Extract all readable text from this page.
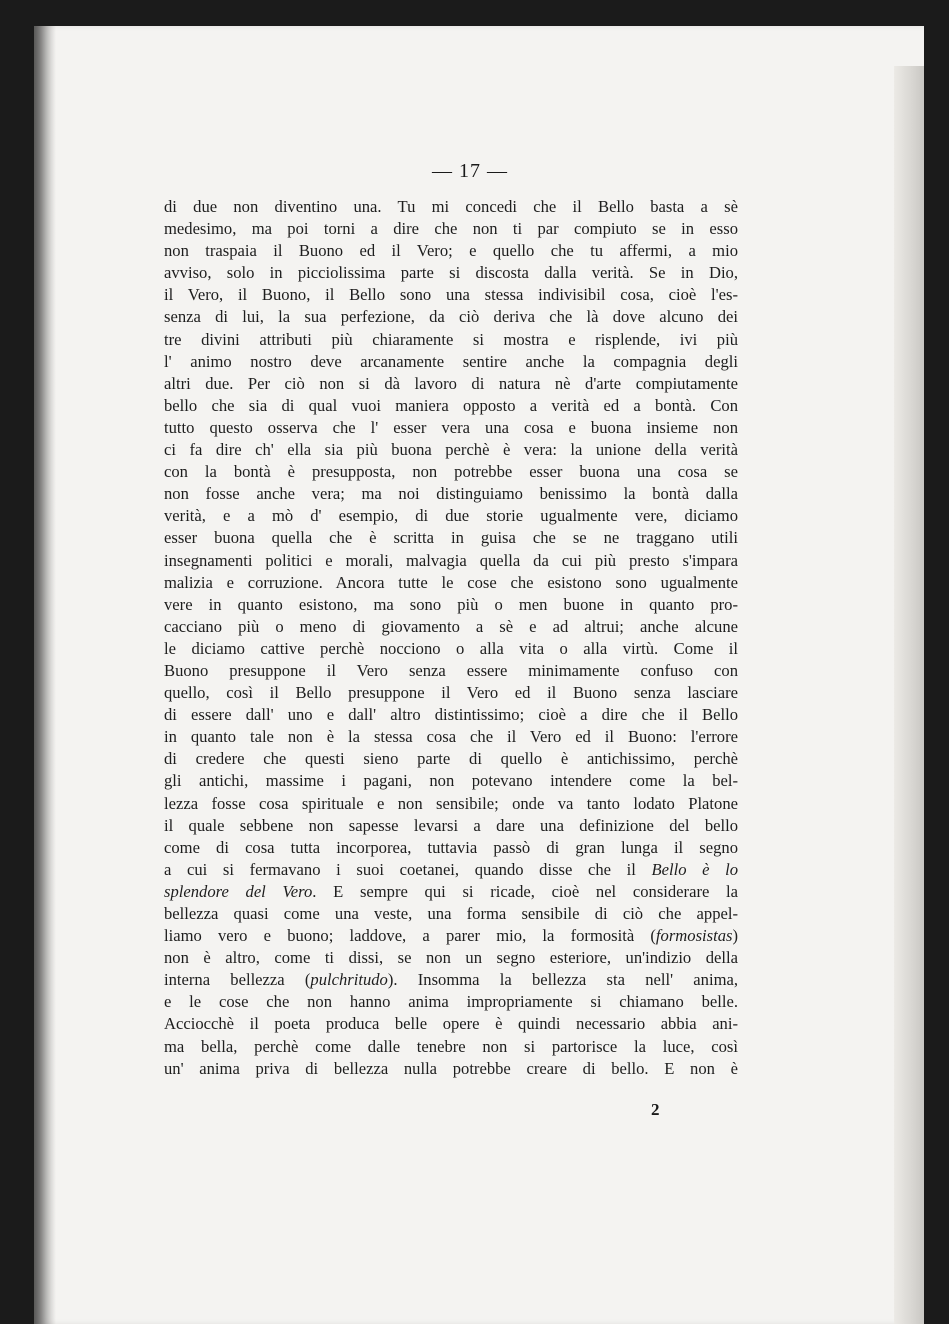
— 17 —
di due non diventino una. Tu mi concedi che il Bello basta a sè
medesimo, ma poi torni a dire che non ti par compiuto se in esso
non traspaia il Buono ed il Vero; e quello che tu affermi, a mio
avviso, solo in picciolissima parte si discosta dalla verità. Se in Dio,
il Vero, il Buono, il Bello sono una stessa indivisibil cosa, cioè l'es-
senza di lui, la sua perfezione, da ciò deriva che là dove alcuno dei
tre divini attributi più chiaramente si mostra e risplende, ivi più
l' animo nostro deve arcanamente sentire anche la compagnia degli
altri due. Per ciò non si dà lavoro di natura nè d'arte compiutamente
bello che sia di qual vuoi maniera opposto a verità ed a bontà. Con
tutto questo osserva che l' esser vera una cosa e buona insieme non
ci fa dire ch' ella sia più buona perchè è vera: la unione della verità
con la bontà è presupposta, non potrebbe esser buona una cosa se
non fosse anche vera; ma noi distinguiamo benissimo la bontà dalla
verità, e a mò d' esempio, di due storie ugualmente vere, diciamo
esser buona quella che è scritta in guisa che se ne traggano utili
insegnamenti politici e morali, malvagia quella da cui più presto s'impara
malizia e corruzione. Ancora tutte le cose che esistono sono ugualmente
vere in quanto esistono, ma sono più o men buone in quanto pro-
cacciano più o meno di giovamento a sè e ad altrui; anche alcune
le diciamo cattive perchè nocciono o alla vita o alla virtù. Come il
Buono presuppone il Vero senza essere minimamente confuso con
quello, così il Bello presuppone il Vero ed il Buono senza lasciare
di essere dall' uno e dall' altro distintissimo; cioè a dire che il Bello
in quanto tale non è la stessa cosa che il Vero ed il Buono: l'errore
di credere che questi sieno parte di quello è antichissimo, perchè
gli antichi, massime i pagani, non potevano intendere come la bel-
lezza fosse cosa spirituale e non sensibile; onde va tanto lodato Platone
il quale sebbene non sapesse levarsi a dare una definizione del bello
come di cosa tutta incorporea, tuttavia passò di gran lunga il segno
a cui si fermavano i suoi coetanei, quando disse che il Bello è lo
splendore del Vero. E sempre qui si ricade, cioè nel considerare la
bellezza quasi come una veste, una forma sensibile di ciò che appel-
liamo vero e buono; laddove, a parer mio, la formosità (formosistas)
non è altro, come ti dissi, se non un segno esteriore, un'indizio della
interna bellezza (pulchritudo). Insomma la bellezza sta nell' anima,
e le cose che non hanno anima impropriamente si chiamano belle.
Acciocchè il poeta produca belle opere è quindi necessario abbia ani-
ma bella, perchè come dalle tenebre non si partorisce la luce, così
un' anima priva di bellezza nulla potrebbe creare di bello. E non è
2
